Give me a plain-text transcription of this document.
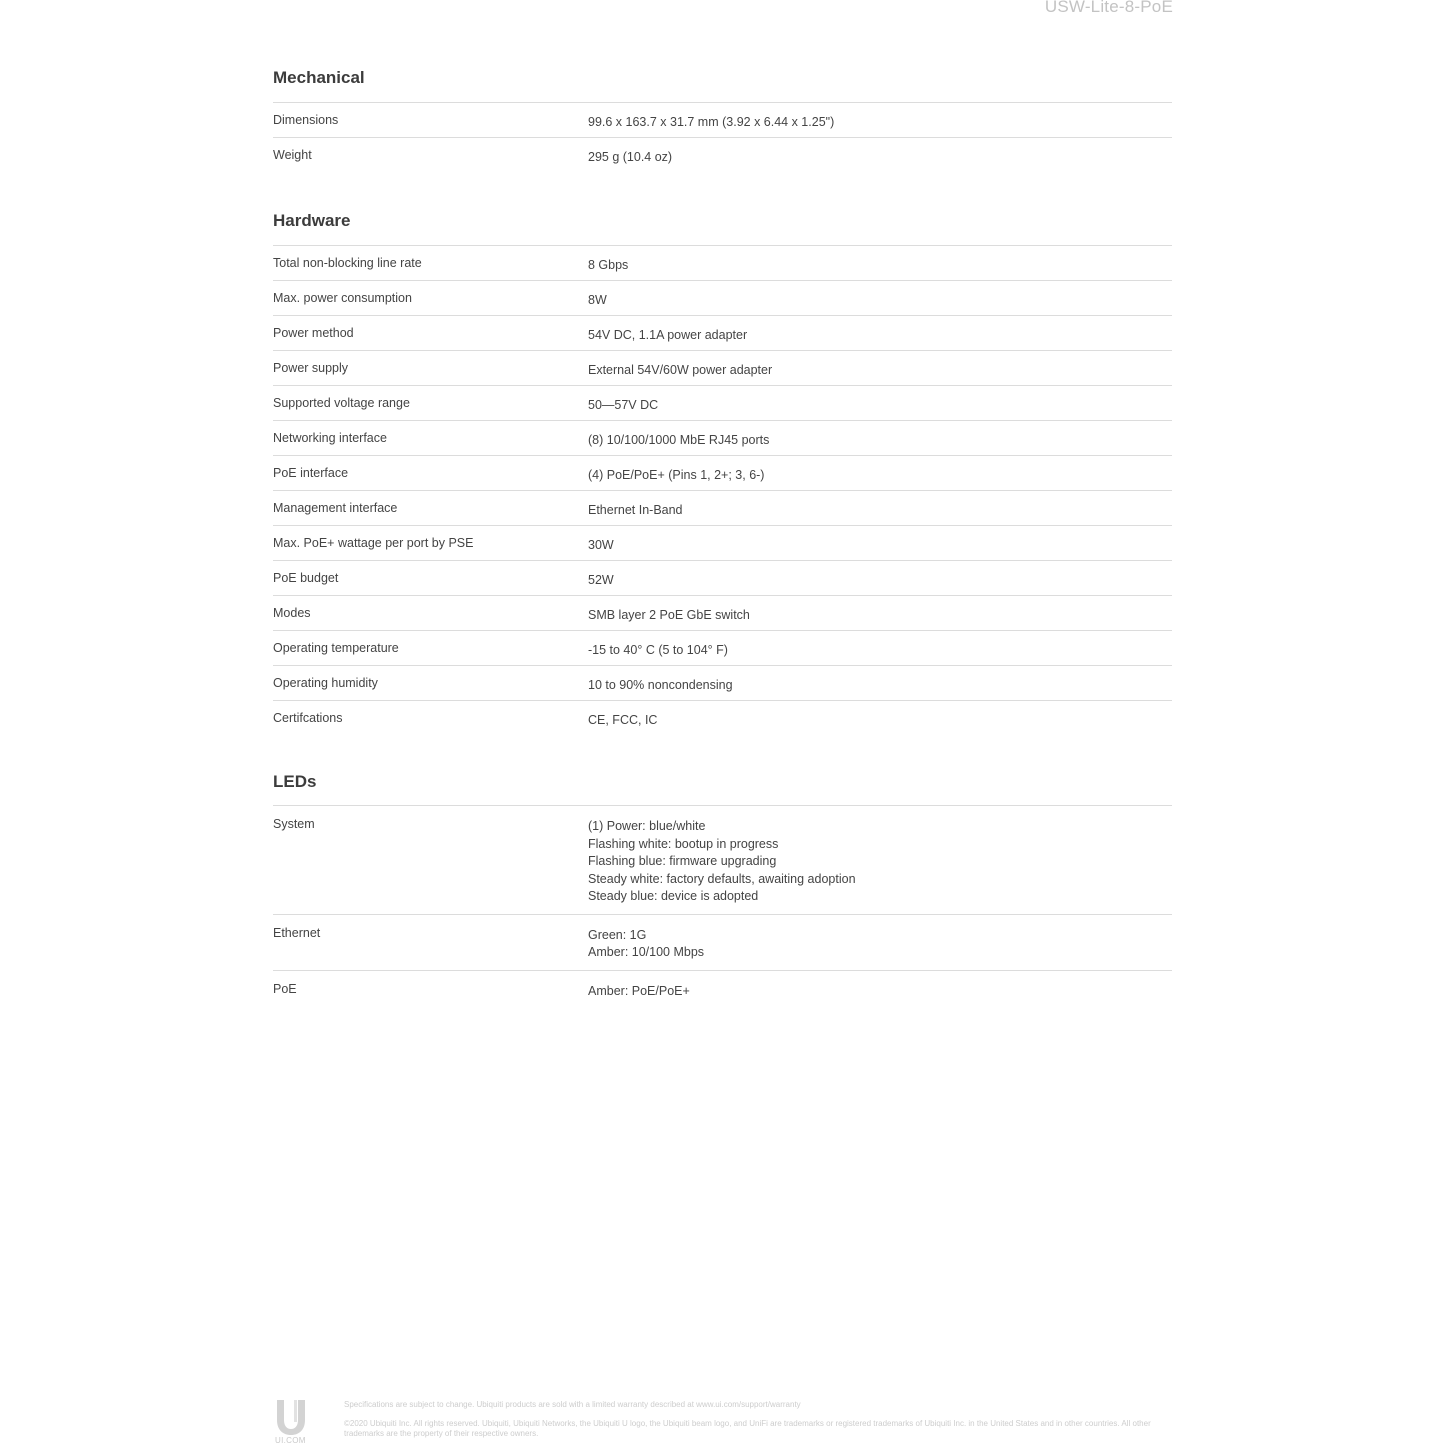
USW-Lite-8-PoE
Mechanical
Dimensions	99.6 x 163.7 x 31.7 mm (3.92 x 6.44 x 1.25")
Weight	295 g (10.4 oz)
Hardware
Total non-blocking line rate	8 Gbps
Max. power consumption	8W
Power method	54V DC, 1.1A power adapter
Power supply	External 54V/60W power adapter
Supported voltage range	50—57V DC
Networking interface	(8) 10/100/1000 MbE RJ45 ports
PoE interface	(4) PoE/PoE+ (Pins 1, 2+; 3, 6-)
Management interface	Ethernet In-Band
Max. PoE+ wattage per port by PSE	30W
PoE budget	52W
Modes	SMB layer 2 PoE GbE switch
Operating temperature	-15 to 40° C (5 to 104° F)
Operating humidity	10 to 90% noncondensing
Certifcations	CE, FCC, IC
LEDs
System	(1) Power: blue/white
Flashing white: bootup in progress
Flashing blue: firmware upgrading
Steady white: factory defaults, awaiting adoption
Steady blue: device is adopted
Ethernet	Green: 1G
Amber: 10/100 Mbps
PoE	Amber: PoE/PoE+
UI.COM
Specifications are subject to change. Ubiquiti products are sold with a limited warranty described at www.ui.com/support/warranty
©2020 Ubiquiti Inc. All rights reserved. Ubiquiti, Ubiquiti Networks, the Ubiquiti U logo, the Ubiquiti beam logo, and UniFi are trademarks or registered trademarks of Ubiquiti Inc. in the United States and in other countries. All other trademarks are the property of their respective owners.
